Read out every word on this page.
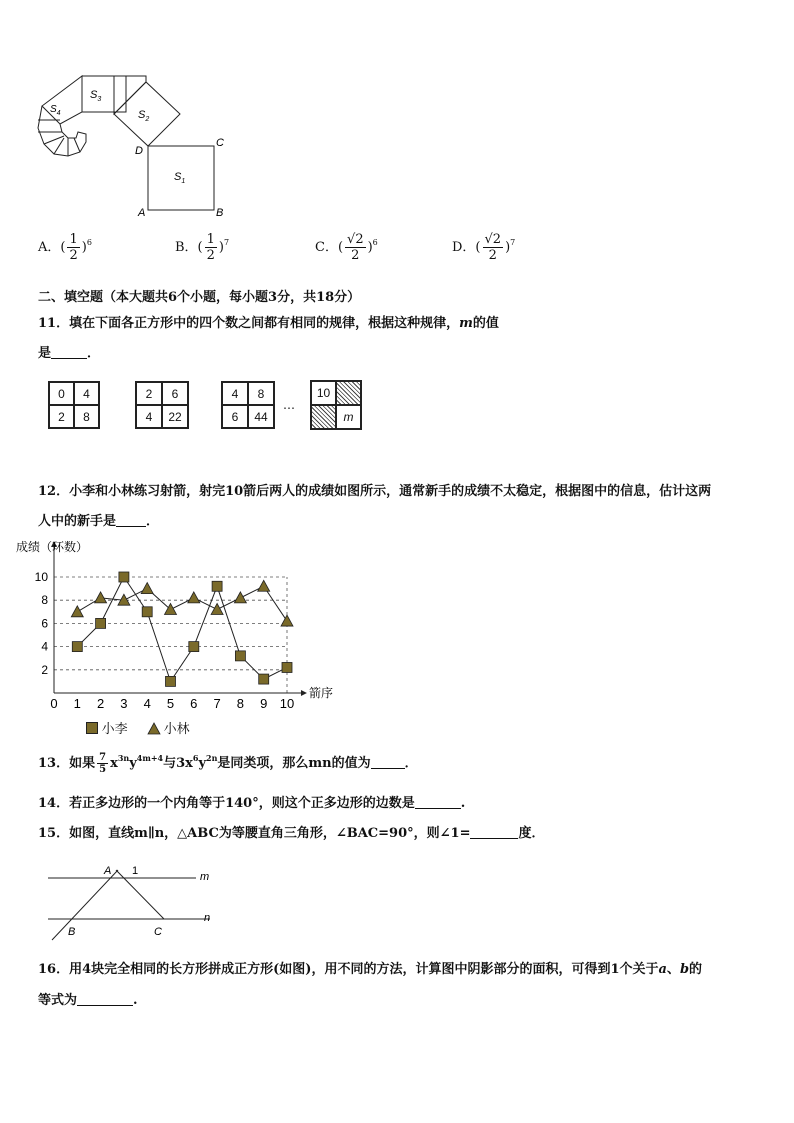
$S_3$
$S_2$
$S_4$
$S_1$
D
C
A	B
A．( $\frac{1}{2} )^6$	B．( $\frac{1}{2} )^7$	C．( $\frac{√2}{2} )^6$	D．( $\frac{√2}{2} )^7$
二、填空题（本大题共6个小题，每小题3分，共18分）
11．填在下面各正方形中的四个数之间都有相同的规律，根据这种规律，m的值
是	．
0	4
2	8
2	6
4	22
4	8
6	44
…
10
m
12．小李和小林练习射箭，射完10箭后两人的成绩如图所示，通常新手的成绩不太稳定，根据图中的信息，估计这两
人中的新手是 ．
0 1 2 3 4 5 6 7 8 9 10
2
4
6
8
10
箭序
成绩（环数）
小李	小林
13．如果 $\frac{7}{5} x^{3n}y^{4m+4}$与$3x^6y^{2n}$是同类项，那么mn的值为	．
14．若正多边形的一个内角等于140°，则这个正多边形的边数是	.
15．如图，直线m∥n，△ABC为等腰直角三角形，∠BAC=90°，则∠1=	度．
A 1	m
n
B	C
16．用4块完全相同的长方形拼成正方形(如图)，用不同的方法，计算图中阴影部分的面积，可得到1个关于a、b的
等式为	.
